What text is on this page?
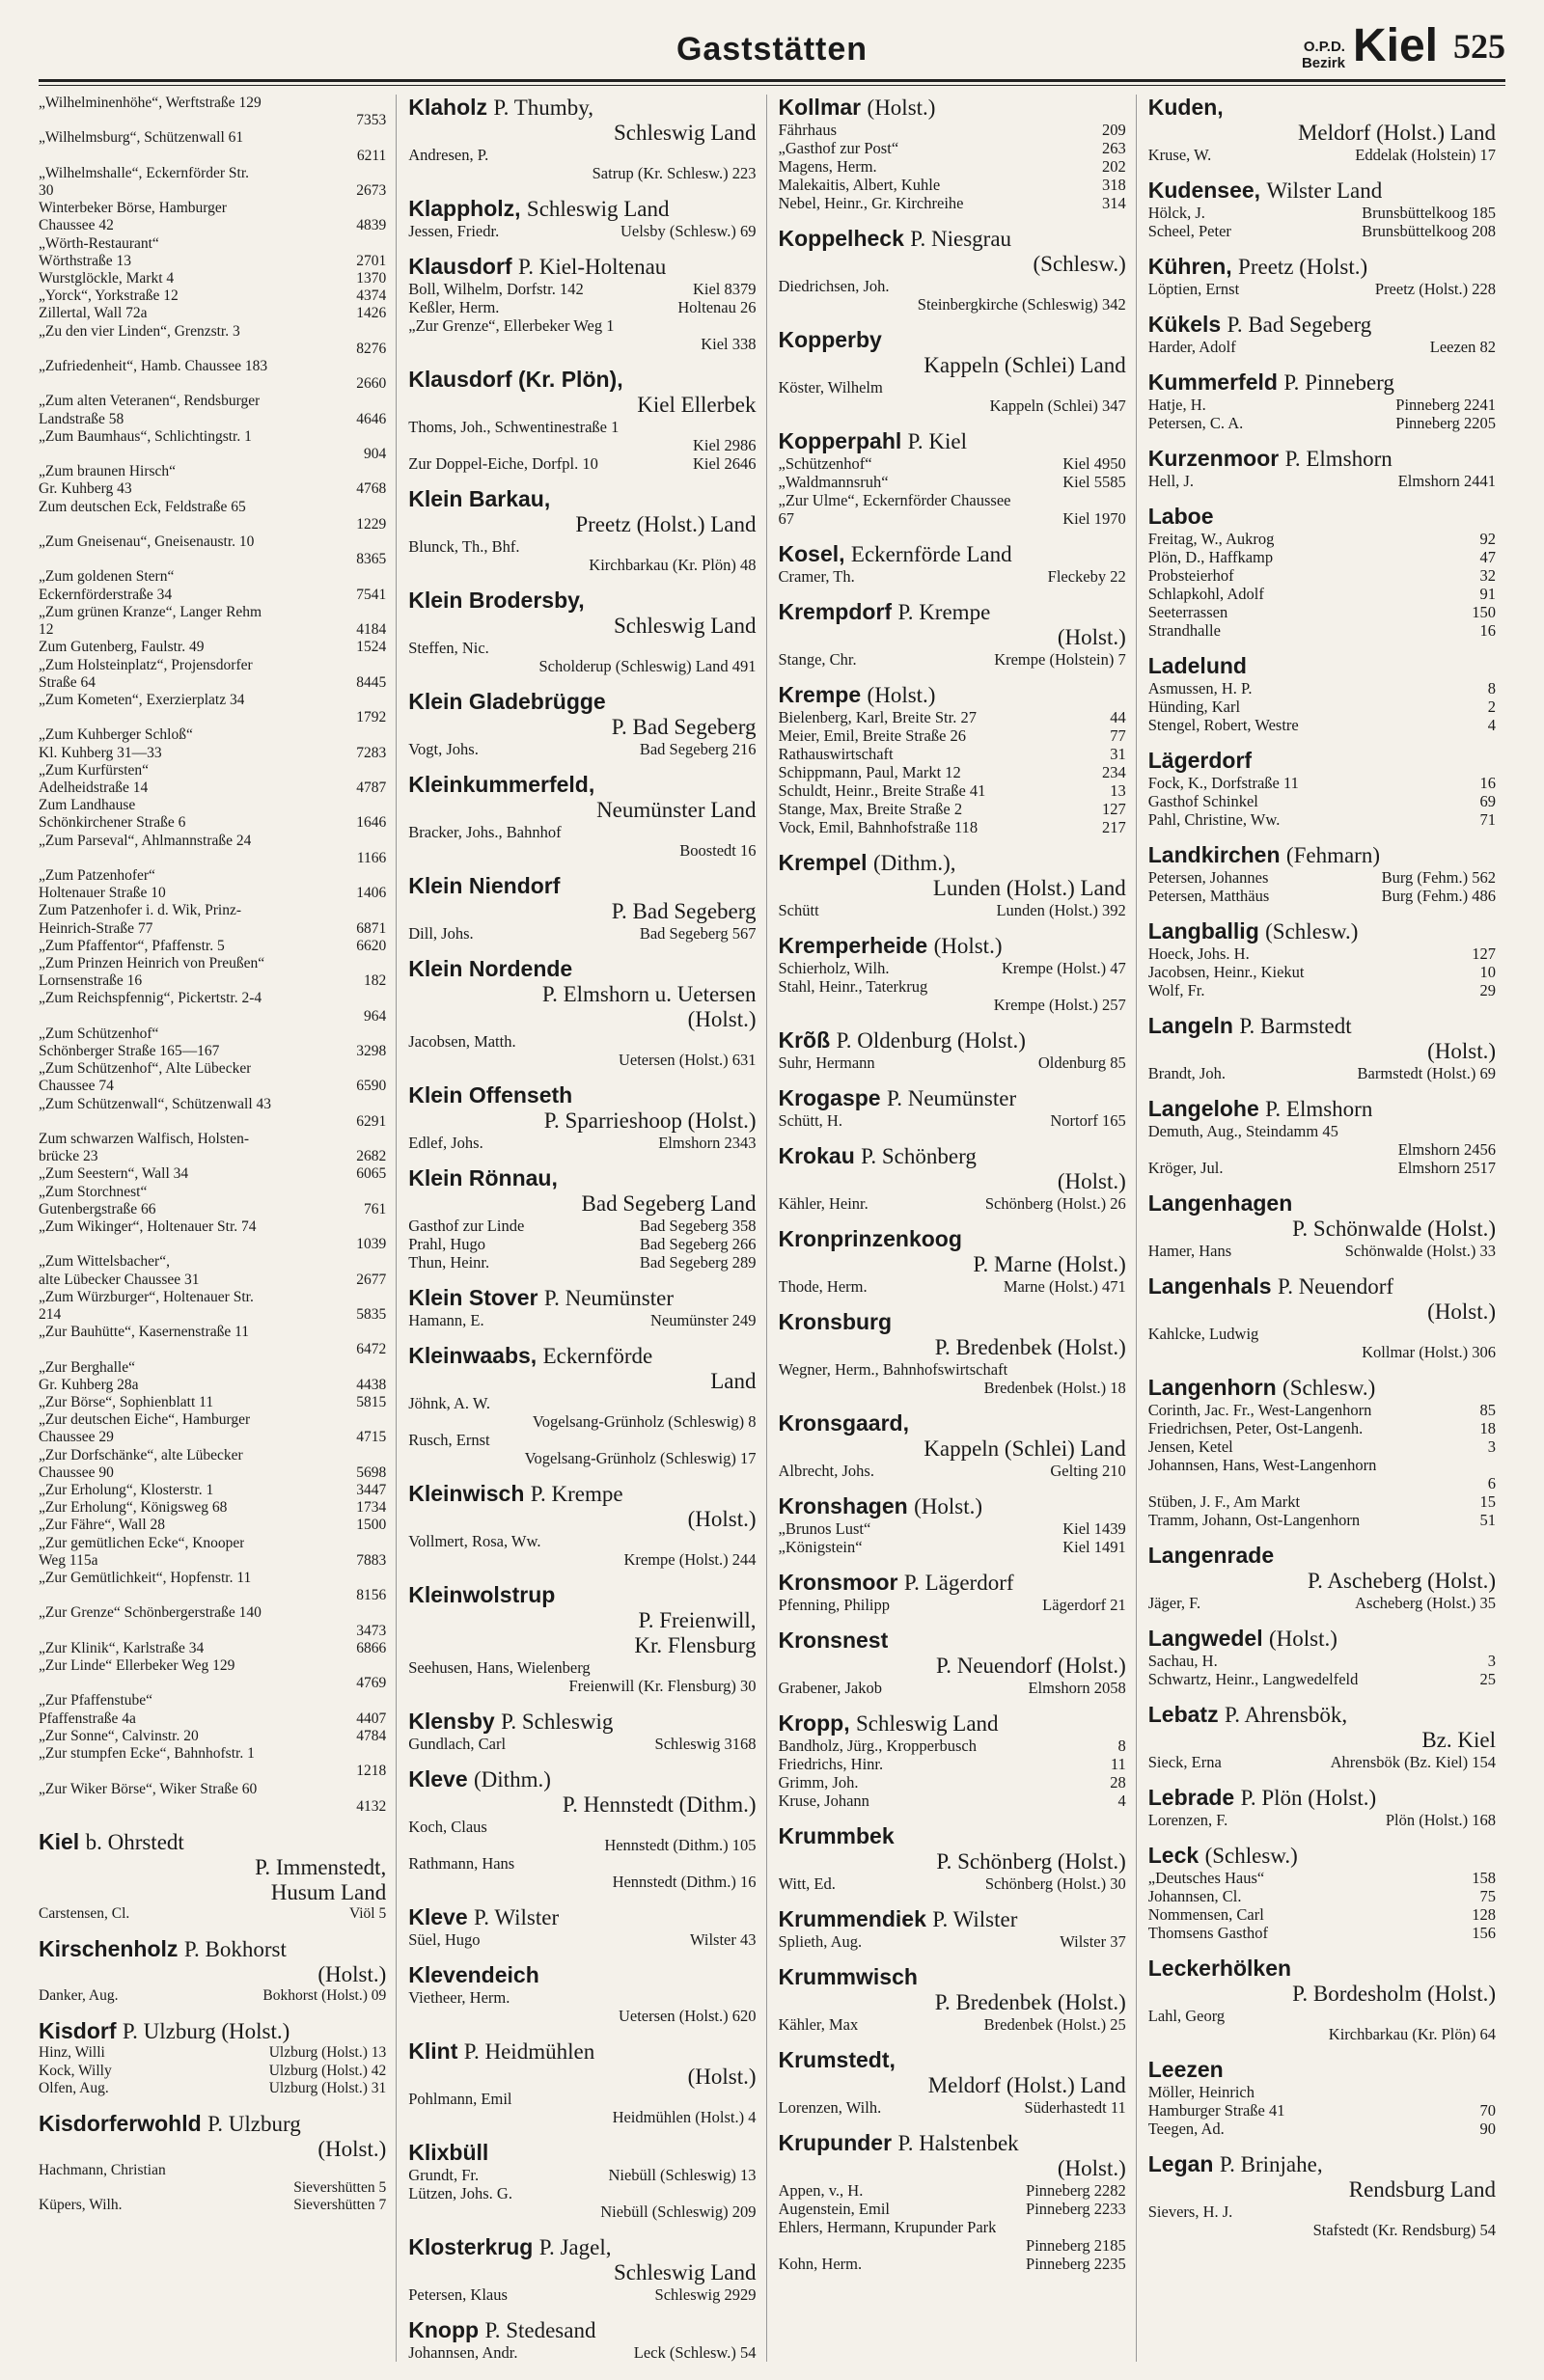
Gaststätten	O.P.D.
Bezirk Kiel 525
„Wilhelminenhöhe“, Werftstraße 129
7353
„Wilhelmsburg“, Schützenwall 61
6211
„Wilhelmshalle“, Eckernförder Str.
30	2673
Winterbeker Börse, Hamburger
Chaussee 42	4839
„Wörth-Restaurant“
Wörthstraße 13	2701
Wurstglöckle, Markt 4	1370
„Yorck“, Yorkstraße 12	4374
Zillertal, Wall 72a	1426
„Zu den vier Linden“, Grenzstr. 3
8276
„Zufriedenheit“, Hamb. Chaussee 183
2660
„Zum alten Veteranen“, Rendsburger
Landstraße 58	4646
„Zum Baumhaus“, Schlichtingstr. 1
904
„Zum braunen Hirsch“
Gr. Kuhberg 43	4768
Zum deutschen Eck, Feldstraße 65
1229
„Zum Gneisenau“, Gneisenaustr. 10
8365
„Zum goldenen Stern“
Eckernförderstraße 34	7541
„Zum grünen Kranze“, Langer Rehm
12	4184
Zum Gutenberg, Faulstr. 49	1524
„Zum Holsteinplatz“, Projensdorfer
Straße 64	8445
„Zum Kometen“, Exerzierplatz 34
1792
„Zum Kuhberger Schloß“
Kl. Kuhberg 31—33	7283
„Zum Kurfürsten“
Adelheidstraße 14	4787
Zum Landhause
Schönkirchener Straße 6	1646
„Zum Parseval“, Ahlmannstraße 24
1166
„Zum Patzenhofer“
Holtenauer Straße 10	1406
Zum Patzenhofer i. d. Wik, Prinz-
Heinrich-Straße 77	6871
„Zum Pfaffentor“, Pfaffenstr. 5	6620
„Zum Prinzen Heinrich von Preußen“
Lornsenstraße 16	182
„Zum Reichspfennig“, Pickertstr. 2-4
964
„Zum Schützenhof“
Schönberger Straße 165—167	3298
„Zum Schützenhof“, Alte Lübecker
Chaussee 74	6590
„Zum Schützenwall“, Schützenwall 43
6291
Zum schwarzen Walfisch, Holsten-
brücke 23	2682
„Zum Seestern“, Wall 34	6065
„Zum Storchnest“
Gutenbergstraße 66	761
„Zum Wikinger“, Holtenauer Str. 74
1039
„Zum Wittelsbacher“,
alte Lübecker Chaussee 31	2677
„Zum Würzburger“, Holtenauer Str.
214	5835
„Zur Bauhütte“, Kasernenstraße 11
6472
„Zur Berghalle“
Gr. Kuhberg 28a	4438
„Zur Börse“, Sophienblatt 11	5815
„Zur deutschen Eiche“, Hamburger
Chaussee 29	4715
„Zur Dorfschänke“, alte Lübecker
Chaussee 90	5698
„Zur Erholung“, Klosterstr. 1	3447
„Zur Erholung“, Königsweg 68	1734
„Zur Fähre“, Wall 28	1500
„Zur gemütlichen Ecke“, Knooper
Weg 115a	7883
„Zur Gemütlichkeit“, Hopfenstr. 11
8156
„Zur Grenze“ Schönbergerstraße 140
3473
„Zur Klinik“, Karlstraße 34	6866
„Zur Linde“ Ellerbeker Weg 129
4769
„Zur Pfaffenstube“
Pfaffenstraße 4a	4407
„Zur Sonne“, Calvinstr. 20	4784
„Zur stumpfen Ecke“, Bahnhofstr. 1
1218
„Zur Wiker Börse“, Wiker Straße 60
4132
Kiel b. Ohrstedt
P. Immenstedt,
Husum Land
Carstensen, Cl.	Viöl 5
Kirschenholz P. Bokhorst
(Holst.)
Danker, Aug.	Bokhorst (Holst.) 09
Kisdorf P. Ulzburg (Holst.)
Hinz, Willi	Ulzburg (Holst.) 13
Kock, Willy	Ulzburg (Holst.) 42
Olfen, Aug.	Ulzburg (Holst.) 31
Kisdorferwohld P. Ulzburg
(Holst.)
Hachmann, Christian
Sievershütten 5
Küpers, Wilh.	Sievershütten 7
Klaholz P. Thumby,
Schleswig Land
Andresen, P.
Satrup (Kr. Schlesw.) 223
Klappholz, Schleswig Land
Jessen, Friedr.	Uelsby (Schlesw.) 69
Klausdorf P. Kiel-Holtenau
Boll, Wilhelm, Dorfstr. 142	Kiel 8379
Keßler, Herm.	Holtenau 26
„Zur Grenze“, Ellerbeker Weg 1
Kiel 338
Klausdorf (Kr. Plön),
Kiel Ellerbek
Thoms, Joh., Schwentinestraße 1
Kiel 2986
Zur Doppel-Eiche, Dorfpl. 10	Kiel 2646
Klein Barkau,
Preetz (Holst.) Land
Blunck, Th., Bhf.
Kirchbarkau (Kr. Plön) 48
Klein Brodersby,
Schleswig Land
Steffen, Nic.
Scholderup (Schleswig) Land 491
Klein Gladebrügge
P. Bad Segeberg
Vogt, Johs.	Bad Segeberg 216
Kleinkummerfeld,
Neumünster Land
Bracker, Johs., Bahnhof
Boostedt 16
Klein Niendorf
P. Bad Segeberg
Dill, Johs.	Bad Segeberg 567
Klein Nordende
P. Elmshorn u. Uetersen
(Holst.)
Jacobsen, Matth.
Uetersen (Holst.) 631
Klein Offenseth
P. Sparrieshoop (Holst.)
Edlef, Johs.	Elmshorn 2343
Klein Rönnau,
Bad Segeberg Land
Gasthof zur Linde	Bad Segeberg 358
Prahl, Hugo	Bad Segeberg 266
Thun, Heinr.	Bad Segeberg 289
Klein Stover P. Neumünster
Hamann, E.	Neumünster 249
Kleinwaabs, Eckernförde
Land
Jöhnk, A. W.
Vogelsang-Grünholz (Schleswig) 8
Rusch, Ernst
Vogelsang-Grünholz (Schleswig) 17
Kleinwisch P. Krempe
(Holst.)
Vollmert, Rosa, Ww.
Krempe (Holst.) 244
Kleinwolstrup
P. Freienwill,
Kr. Flensburg
Seehusen, Hans, Wielenberg
Freienwill (Kr. Flensburg) 30
Klensby P. Schleswig
Gundlach, Carl	Schleswig 3168
Kleve (Dithm.)
P. Hennstedt (Dithm.)
Koch, Claus
Hennstedt (Dithm.) 105
Rathmann, Hans
Hennstedt (Dithm.) 16
Kleve P. Wilster
Süel, Hugo	Wilster 43
Klevendeich
Vietheer, Herm.
Uetersen (Holst.) 620
Klint P. Heidmühlen
(Holst.)
Pohlmann, Emil
Heidmühlen (Holst.) 4
Klixbüll
Grundt, Fr.	Niebüll (Schleswig) 13
Lützen, Johs. G.
Niebüll (Schleswig) 209
Klosterkrug P. Jagel,
Schleswig Land
Petersen, Klaus	Schleswig 2929
Knopp P. Stedesand
Johannsen, Andr.	Leck (Schlesw.) 54
Kollmar (Holst.)
Fährhaus	209
„Gasthof zur Post“	263
Magens, Herm.	202
Malekaitis, Albert, Kuhle	318
Nebel, Heinr., Gr. Kirchreihe	314
Koppelheck P. Niesgrau
(Schlesw.)
Diedrichsen, Joh.
Steinbergkirche (Schleswig) 342
Kopperby
Kappeln (Schlei) Land
Köster, Wilhelm
Kappeln (Schlei) 347
Kopperpahl P. Kiel
„Schützenhof“	Kiel 4950
„Waldmannsruh“	Kiel 5585
„Zur Ulme“, Eckernförder Chaussee
67	Kiel 1970
Kosel, Eckernförde Land
Cramer, Th.	Fleckeby 22
Krempdorf P. Krempe
(Holst.)
Stange, Chr.	Krempe (Holstein) 7
Krempe (Holst.)
Bielenberg, Karl, Breite Str. 27	44
Meier, Emil, Breite Straße 26	77
Rathauswirtschaft	31
Schippmann, Paul, Markt 12	234
Schuldt, Heinr., Breite Straße 41	13
Stange, Max, Breite Straße 2	127
Vock, Emil, Bahnhofstraße 118	217
Krempel (Dithm.),
Lunden (Holst.) Land
Schütt	Lunden (Holst.) 392
Kremperheide (Holst.)
Schierholz, Wilh.	Krempe (Holst.) 47
Stahl, Heinr., Taterkrug
Krempe (Holst.) 257
Krõß P. Oldenburg (Holst.)
Suhr, Hermann	Oldenburg 85
Krogaspe P. Neumünster
Schütt, H.	Nortorf 165
Krokau P. Schönberg
(Holst.)
Kähler, Heinr.	Schönberg (Holst.) 26
Kronprinzenkoog
P. Marne (Holst.)
Thode, Herm.	Marne (Holst.) 471
Kronsburg
P. Bredenbek (Holst.)
Wegner, Herm., Bahnhofswirtschaft
Bredenbek (Holst.) 18
Kronsgaard,
Kappeln (Schlei) Land
Albrecht, Johs.	Gelting 210
Kronshagen (Holst.)
„Brunos Lust“	Kiel 1439
„Königstein“	Kiel 1491
Kronsmoor P. Lägerdorf
Pfenning, Philipp	Lägerdorf 21
Kronsnest
P. Neuendorf (Holst.)
Grabener, Jakob	Elmshorn 2058
Kropp, Schleswig Land
Bandholz, Jürg., Kropperbusch	8
Friedrichs, Hinr.	11
Grimm, Joh.	28
Kruse, Johann	4
Krummbek
P. Schönberg (Holst.)
Witt, Ed.	Schönberg (Holst.) 30
Krummendiek P. Wilster
Splieth, Aug.	Wilster 37
Krummwisch
P. Bredenbek (Holst.)
Kähler, Max	Bredenbek (Holst.) 25
Krumstedt,
Meldorf (Holst.) Land
Lorenzen, Wilh.	Süderhastedt 11
Krupunder P. Halstenbek
(Holst.)
Appen, v., H.	Pinneberg 2282
Augenstein, Emil	Pinneberg 2233
Ehlers, Hermann, Krupunder Park
Pinneberg 2185
Kohn, Herm.	Pinneberg 2235
Kuden,
Meldorf (Holst.) Land
Kruse, W.	Eddelak (Holstein) 17
Kudensee, Wilster Land
Hölck, J.	Brunsbüttelkoog 185
Scheel, Peter	Brunsbüttelkoog 208
Kühren, Preetz (Holst.)
Löptien, Ernst	Preetz (Holst.) 228
Kükels P. Bad Segeberg
Harder, Adolf	Leezen 82
Kummerfeld P. Pinneberg
Hatje, H.	Pinneberg 2241
Petersen, C. A.	Pinneberg 2205
Kurzenmoor P. Elmshorn
Hell, J.	Elmshorn 2441
Laboe
Freitag, W., Aukrog	92
Plön, D., Haffkamp	47
Probsteierhof	32
Schlapkohl, Adolf	91
Seeterrassen	150
Strandhalle	16
Ladelund
Asmussen, H. P.	8
Hünding, Karl	2
Stengel, Robert, Westre	4
Lägerdorf
Fock, K., Dorfstraße 11	16
Gasthof Schinkel	69
Pahl, Christine, Ww.	71
Landkirchen (Fehmarn)
Petersen, Johannes	Burg (Fehm.) 562
Petersen, Matthäus	Burg (Fehm.) 486
Langballig (Schlesw.)
Hoeck, Johs. H.	127
Jacobsen, Heinr., Kiekut	10
Wolf, Fr.	29
Langeln P. Barmstedt
(Holst.)
Brandt, Joh.	Barmstedt (Holst.) 69
Langelohe P. Elmshorn
Demuth, Aug., Steindamm 45
Elmshorn 2456
Kröger, Jul.	Elmshorn 2517
Langenhagen
P. Schönwalde (Holst.)
Hamer, Hans	Schönwalde (Holst.) 33
Langenhals P. Neuendorf
(Holst.)
Kahlcke, Ludwig
Kollmar (Holst.) 306
Langenhorn (Schlesw.)
Corinth, Jac. Fr., West-Langenhorn	85
Friedrichsen, Peter, Ost-Langenh.	18
Jensen, Ketel	3
Johannsen, Hans, West-Langenhorn
6
Stüben, J. F., Am Markt	15
Tramm, Johann, Ost-Langenhorn	51
Langenrade
P. Ascheberg (Holst.)
Jäger, F.	Ascheberg (Holst.) 35
Langwedel (Holst.)
Sachau, H.	3
Schwartz, Heinr., Langwedelfeld	25
Lebatz P. Ahrensbök,
Bz. Kiel
Sieck, Erna	Ahrensbök (Bz. Kiel) 154
Lebrade P. Plön (Holst.)
Lorenzen, F.	Plön (Holst.) 168
Leck (Schlesw.)
„Deutsches Haus“	158
Johannsen, Cl.	75
Nommensen, Carl	128
Thomsens Gasthof	156
Leckerhölken
P. Bordesholm (Holst.)
Lahl, Georg
Kirchbarkau (Kr. Plön) 64
Leezen
Möller, Heinrich
Hamburger Straße 41	70
Teegen, Ad.	90
Legan P. Brinjahe,
Rendsburg Land
Sievers, H. J.
Stafstedt (Kr. Rendsburg) 54
